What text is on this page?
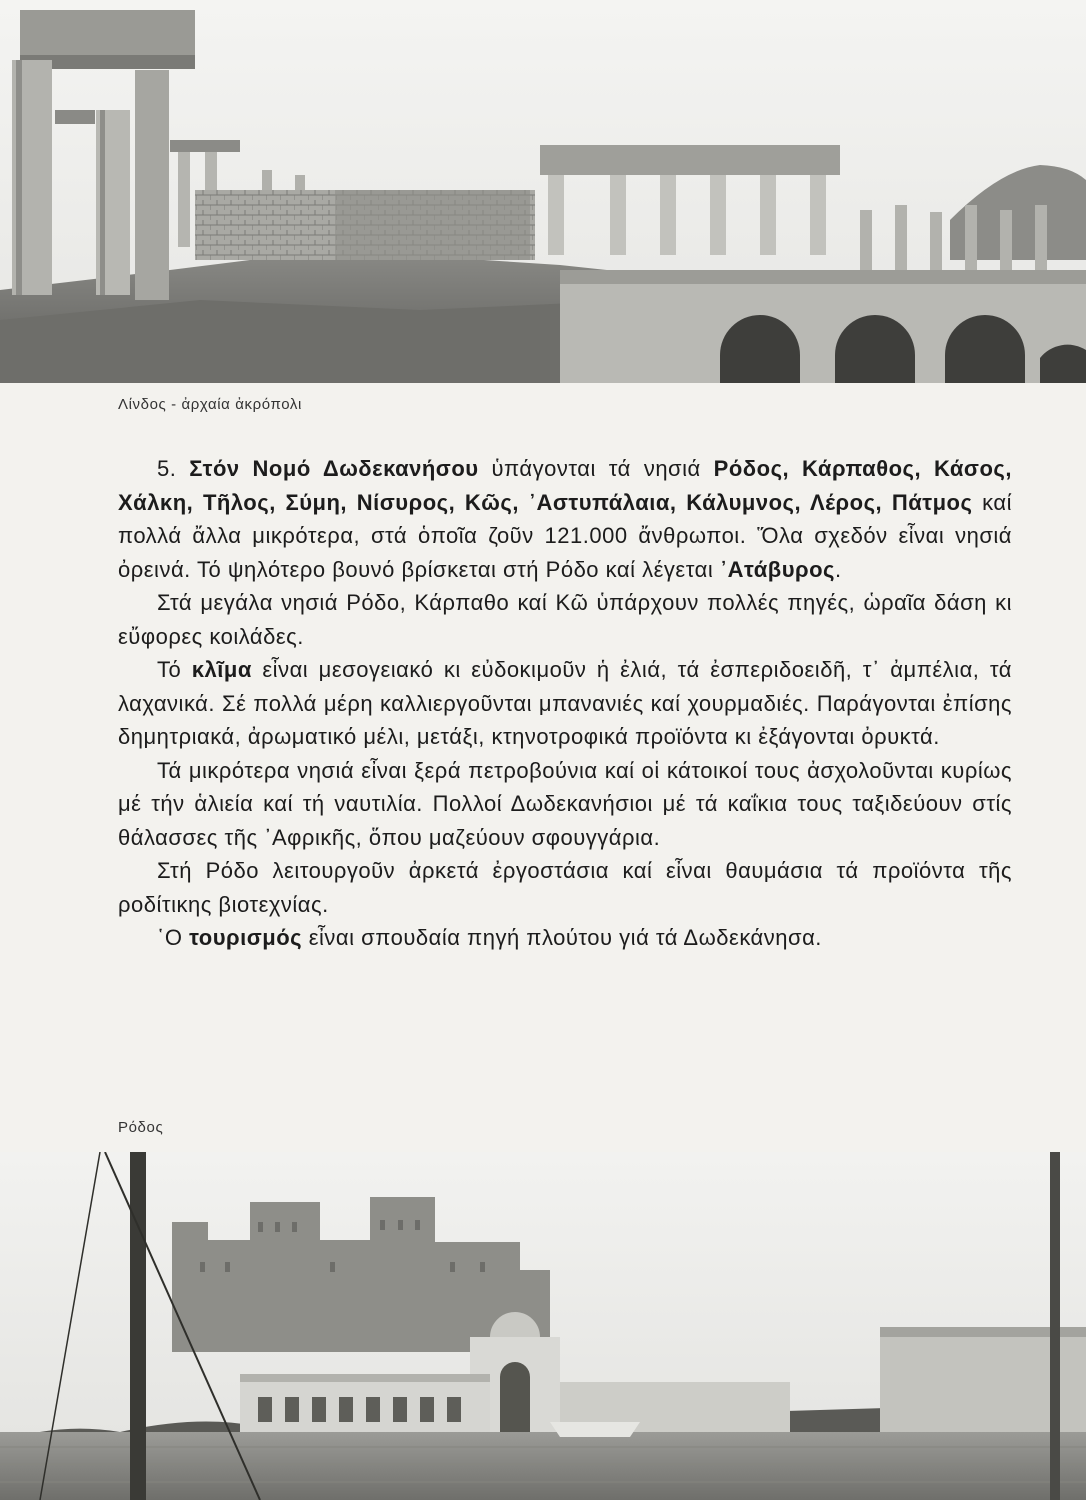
Λίνδος - ἀρχαία ἀκρόπολι

5. Στόν Νομό Δωδεκανήσου ὑπάγονται τά νησιά Ρόδος, Κάρπαθος, Κάσος, Χάλκη, Τῆλος, Σύμη, Νίσυρος, Κῶς, ᾿Αστυπάλαια, Κάλυμνος, Λέρος, Πάτμος καί πολλά ἄλλα μικρότερα, στά ὁποῖα ζοῦν 121.000 ἄνθρωποι. Ὅλα σχεδόν εἶναι νησιά ὀρεινά. Τό ψηλότερο βουνό βρίσκεται στή Ρόδο καί λέγεται ᾿Ατάβυρος.

Στά μεγάλα νησιά Ρόδο, Κάρπαθο καί Κῶ ὑπάρχουν πολλές πηγές, ὡραῖα δάση κι εὔφορες κοιλάδες.

Τό κλῖμα εἶναι μεσογειακό κι εὐδοκιμοῦν ἡ ἐλιά, τά ἐσπεριδοειδῆ, τ᾿ ἀμπέλια, τά λαχανικά. Σέ πολλά μέρη καλλιεργοῦνται μπανανιές καί χουρμαδιές. Παράγονται ἐπίσης δημητριακά, ἀρωματικό μέλι, μετάξι, κτηνοτροφικά προϊόντα κι ἐξάγονται ὀρυκτά.

Τά μικρότερα νησιά εἶναι ξερά πετροβούνια καί οἱ κάτοικοί τους ἀσχολοῦνται κυρίως μέ τήν ἁλιεία καί τή ναυτιλία. Πολλοί Δωδεκανήσιοι μέ τά καΐκια τους ταξιδεύουν στίς θάλασσες τῆς ᾿Αφρικῆς, ὅπου μαζεύουν σφουγγάρια.

Στή Ρόδο λειτουργοῦν ἀρκετά ἐργοστάσια καί εἶναι θαυμάσια τά προϊόντα τῆς ροδίτικης βιοτεχνίας.

῾Ο τουρισμός εἶναι σπουδαία πηγή πλούτου γιά τά Δωδεκάνησα.

Ρόδος
